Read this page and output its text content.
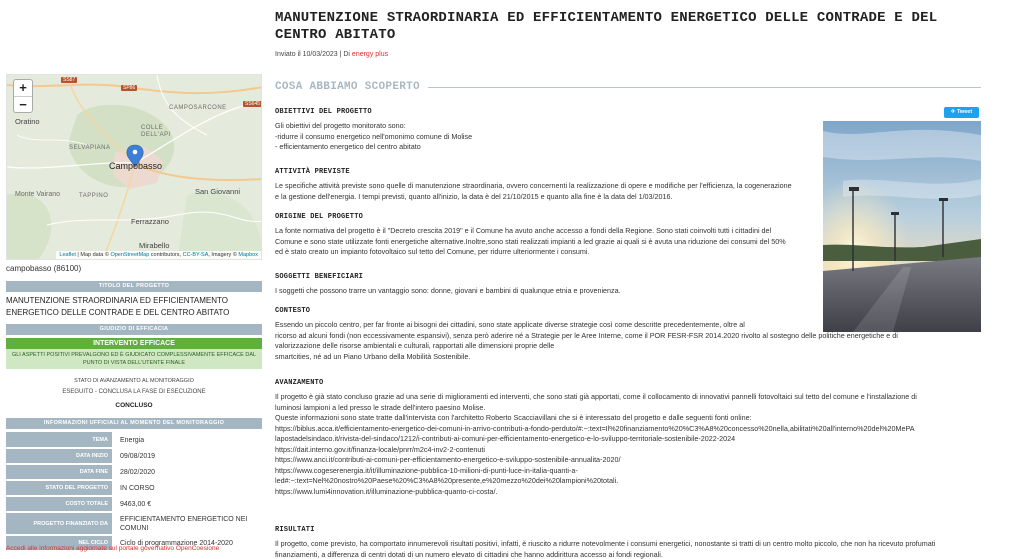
+
−
SS87
SP86
SS645
Oratino
SELVAPIANA
COLLE DELL'API
CAMPOSARCONE
Campobasso
TAPPINO
Monte Vairano	San Giovanni
Ferrazzano
Mirabello
Leaflet | Map data © OpenStreetMap contributors, CC-BY-SA, Imagery © Mapbox
campobasso (86100)
TITOLO DEL PROGETTO
MANUTENZIONE STRAORDINARIA ED EFFICIENTAMENTO ENERGETICO DELLE CONTRADE E DEL CENTRO ABITATO
GIUDIZIO DI EFFICACIA
INTERVENTO EFFICACE
GLI ASPETTI POSITIVI PREVALGONO ED È GIUDICATO COMPLESSIVAMENTE EFFICACE DAL PUNTO DI VISTA DELL'UTENTE FINALE
STATO DI AVANZAMENTO AL MONITORAGGIO
ESEGUITO - CONCLUSA LA FASE DI ESECUZIONE
CONCLUSO
INFORMAZIONI UFFICIALI AL MOMENTO DEL MONITORAGGIO
TEMA	Energia
DATA INIZIO	09/08/2019
DATA FINE	28/02/2020
STATO DEL PROGETTO	IN CORSO
COSTO TOTALE	9463,00 €
PROGETTO FINANZIATO DA	EFFICIENTAMENTO ENERGETICO NEI COMUNI
NEL CICLO	Ciclo di programmazione 2014-2020
Accedi alle informazioni aggiornate sul portale governativo OpenCoesione
MANUTENZIONE STRAORDINARIA ED EFFICIENTAMENTO ENERGETICO DELLE CONTRADE E DEL CENTRO ABITATO
Inviato il 10/03/2023 | Di energy plus
COSA ABBIAMO SCOPERTO
✈ Tweet
OBIETTIVI DEL PROGETTO

Gli obiettivi del progetto monitorato sono:
-ridurre il consumo energetico nell'omonimo comune di Molise
- efficientamento energetico del centro abitato

ATTIVITÀ PREVISTE

Le specifiche attività previste sono quelle di manutenzione straordinaria, ovvero concernenti la realizzazione di opere e modifiche per l'efficienza, la cogenerazione e la gestione dell'energia. I tempi previsti, quanto all'inizio, la data è del 21/10/2015 e quanto alla fine è la data del 1/03/2016.

ORIGINE DEL PROGETTO

La fonte normativa del progetto è il "Decreto crescita 2019" e il Comune ha avuto anche accesso a fondi della Regione. Sono stati coinvolti tutti i cittadini del Comune e sono state utilizzate fonti energetiche alternative.Inoltre,sono stati realizzati impianti a led grazie ai quali si è avuta una riduzione dei consumi del 50% ed è stato creato un impianto fotovoltaico sul tetto del Comune, per ridurre ulteriormente i consumi.

SOGGETTI BENEFICIARI

I soggetti che possono trarre un vantaggio sono: donne, giovani e bambini di qualunque etnia e provenienza.

CONTESTO

Essendo un piccolo centro, per far fronte ai bisogni dei cittadini, sono state applicate diverse strategie così come descritte precedentemente, oltre al
ricorso ad alcuni fondi (non eccessivamente espansivi), senza però aderire né a Strategie per le Aree Interne, come il POR FESR-FSR 2014.2020 rivolto al sostegno delle politiche energetiche e di
valorizzazione delle risorse ambientali e culturali, rapportati alle dimensioni proprie delle
smartcities, né ad un Piano Urbano della Mobilità Sostenibile.

AVANZAMENTO

Il progetto è già stato concluso grazie ad una serie di miglioramenti ed interventi, che sono stati già apportati, come il collocamento di innovativi pannelli fotovoltaici sul tetto del comune e l'installazione di
luminosi lampioni a led presso le strade dell'intero paesino Molise.
Queste informazioni sono state tratte dall'intervista con l'architetto Roberto Scacciavillani che si è interessato del progetto e dalle seguenti fonti online:
https://biblus.acca.it/efficientamento-energetico-dei-comuni-in-arrivo-contributi-a-fondo-perduto/#:~:text=Il%20finanziamento%20%C3%A8%20concesso%20nella,abilitati%20all'interno%20del%20MePA
lapostadelsindaco.it/rivista-del-sindaco/1212/i-contributi-ai-comuni-per-efficientamento-energetico-e-lo-sviluppo-territoriale-sostenibile-2022-2024
https://dait.interno.gov.it/finanza-locale/pnrr/m2c4-inv2-2-contenuti
https://www.anci.it/contributi-ai-comuni-per-efficientamento-energetico-e-sviluppo-sostenibile-annualita-2020/
https://www.cogeserenergia.it/it/illuminazione-pubblica-10-milioni-di-punti-luce-in-italia-quanti-a-
led#:~:text=Nel%20nostro%20Paese%20%C3%A8%20presente,e%20mezzo%20dei%20lampioni%20totali.
https://www.lumi4innovation.it/illuminazione-pubblica-quanto-ci-costa/.

RISULTATI

Il progetto, come previsto, ha comportato innumerevoli risultati positivi, infatti, è riuscito a ridurre notevolmente i consumi energetici, nonostante si tratti di un centro molto piccolo, che non ha ricevuto profumati finanziamenti, a differenza di centri dotati di un numero elevato di cittadini che hanno addirittura accesso ai fondi regionali.
